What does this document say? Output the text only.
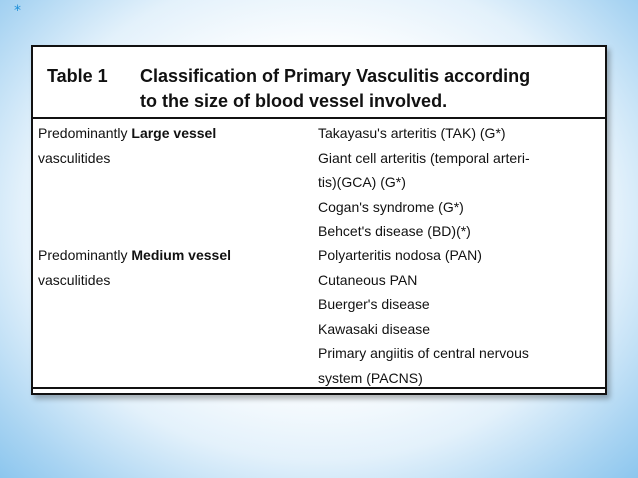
*
Table 1 Classification of Primary Vasculitis according
to the size of blood vessel involved.
Predominantly Large vessel
vasculitides
Takayasu's arteritis (TAK) (G*)
Giant cell arteritis (temporal arteri-
tis)(GCA) (G*)
Cogan's syndrome (G*)
Behcet's disease (BD)(*)
Predominantly Medium vessel
vasculitides
Polyarteritis nodosa (PAN)
Cutaneous PAN
Buerger's disease
Kawasaki disease
Primary angiitis of central nervous
system (PACNS)
